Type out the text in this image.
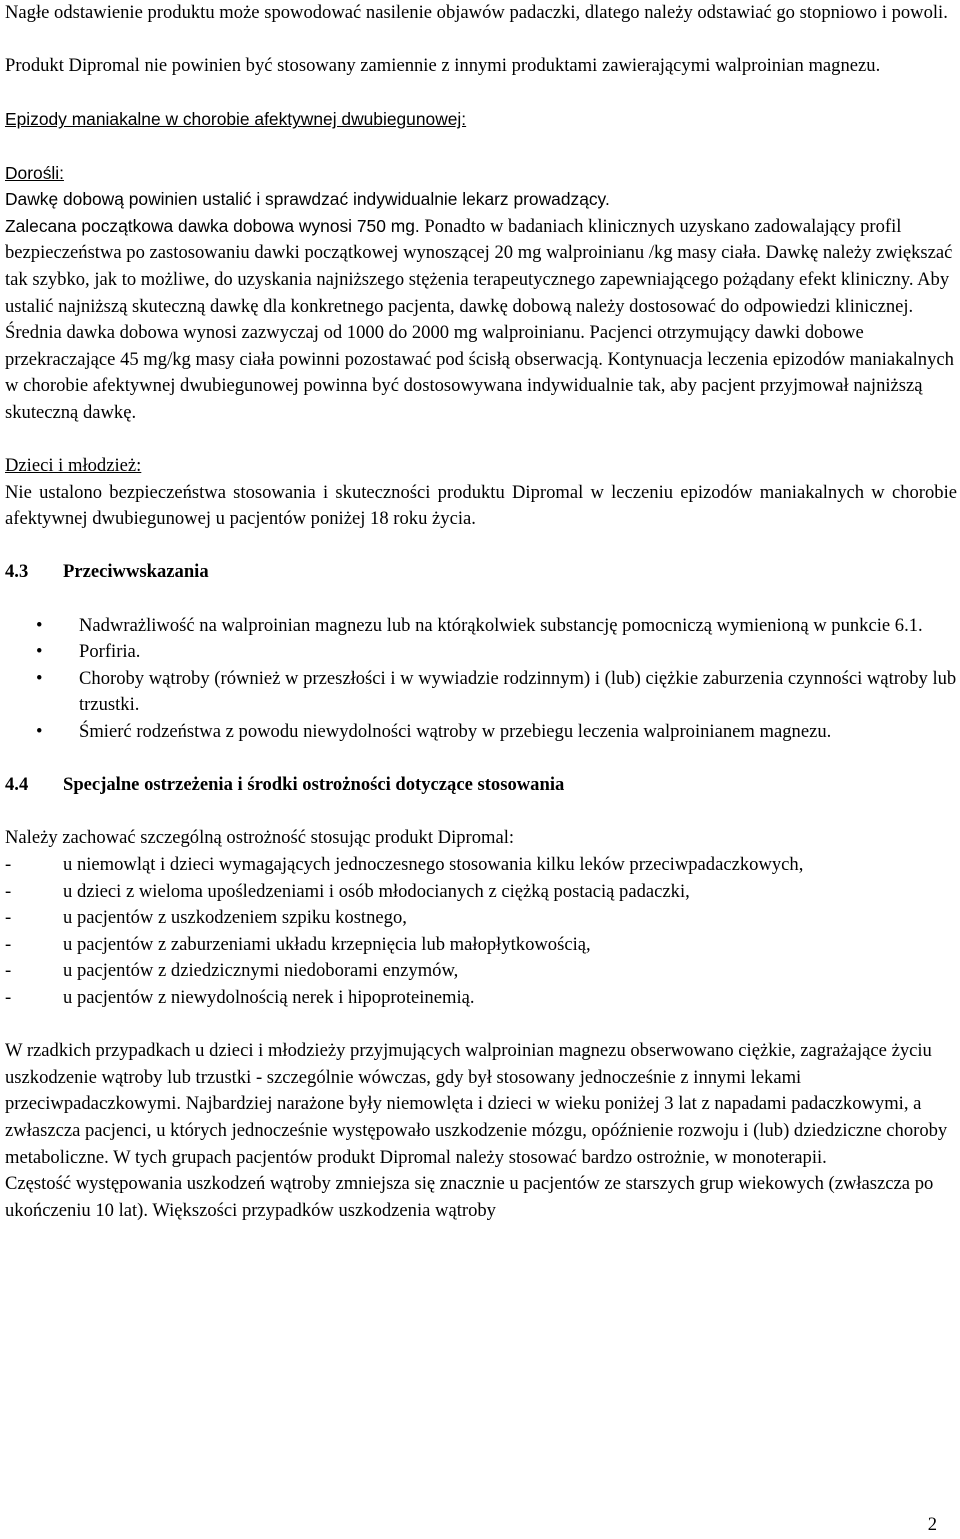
Nagłe odstawienie produktu może spowodować nasilenie objawów padaczki, dlatego należy odstawiać go stopniowo i powoli.

Produkt Dipromal nie powinien być stosowany zamiennie z innymi produktami zawierającymi walproinian magnezu.

Epizody maniakalne w chorobie afektywnej dwubiegunowej:

Dorośli:

Dawkę dobową powinien ustalić i sprawdzać indywidualnie lekarz prowadzący.

Zalecana początkowa dawka dobowa wynosi 750 mg. Ponadto w badaniach klinicznych uzyskano zadowalający profil bezpieczeństwa po zastosowaniu dawki początkowej wynoszącej 20 mg walproinianu /kg masy ciała. Dawkę należy zwiększać tak szybko, jak to możliwe, do uzyskania najniższego stężenia terapeutycznego zapewniającego pożądany efekt kliniczny. Aby ustalić najniższą skuteczną dawkę dla konkretnego pacjenta, dawkę dobową należy dostosować do odpowiedzi klinicznej.

Średnia dawka dobowa wynosi zazwyczaj od 1000 do 2000 mg walproinianu. Pacjenci otrzymujący dawki dobowe przekraczające 45 mg/kg masy ciała powinni pozostawać pod ścisłą obserwacją. Kontynuacja leczenia epizodów maniakalnych w chorobie afektywnej dwubiegunowej powinna być dostosowywana indywidualnie tak, aby pacjent przyjmował najniższą skuteczną dawkę.

Dzieci i młodzież:

Nie ustalono bezpieczeństwa stosowania i skuteczności produktu Dipromal w leczeniu epizodów maniakalnych w chorobie afektywnej dwubiegunowej u pacjentów poniżej 18 roku życia.

4.3	Przeciwwskazania

• Nadwrażliwość na walproinian magnezu lub na którąkolwiek substancję pomocniczą wymienioną w punkcie 6.1.
• Porfiria.
• Choroby wątroby (również w przeszłości i w wywiadzie rodzinnym) i (lub) ciężkie zaburzenia czynności wątroby lub trzustki.
• Śmierć rodzeństwa z powodu niewydolności wątroby w przebiegu leczenia walproinianem magnezu.

4.4	Specjalne ostrzeżenia i środki ostrożności dotyczące stosowania

Należy zachować szczególną ostrożność stosując produkt Dipromal:

-	u niemowląt i dzieci wymagających jednoczesnego stosowania kilku leków przeciwpadaczkowych,
-	u dzieci z wieloma upośledzeniami i osób młodocianych z ciężką postacią padaczki,
-	u pacjentów z uszkodzeniem szpiku kostnego,
-	u pacjentów z zaburzeniami układu krzepnięcia lub małopłytkowością,
-	u pacjentów z dziedzicznymi niedoborami enzymów,
-	u pacjentów z niewydolnością nerek i hipoproteinemią.

W rzadkich przypadkach u dzieci i młodzieży przyjmujących walproinian magnezu obserwowano ciężkie, zagrażające życiu uszkodzenie wątroby lub trzustki - szczególnie wówczas, gdy był stosowany jednocześnie z innymi lekami przeciwpadaczkowymi. Najbardziej narażone były niemowlęta i dzieci w wieku poniżej 3 lat z napadami padaczkowymi, a zwłaszcza pacjenci, u których jednocześnie występowało uszkodzenie mózgu, opóźnienie rozwoju i (lub) dziedziczne choroby metaboliczne. W tych grupach pacjentów produkt Dipromal należy stosować bardzo ostrożnie, w monoterapii.

Częstość występowania uszkodzeń wątroby zmniejsza się znacznie u pacjentów ze starszych grup wiekowych (zwłaszcza po ukończeniu 10 lat). Większości przypadków uszkodzenia wątroby

2
